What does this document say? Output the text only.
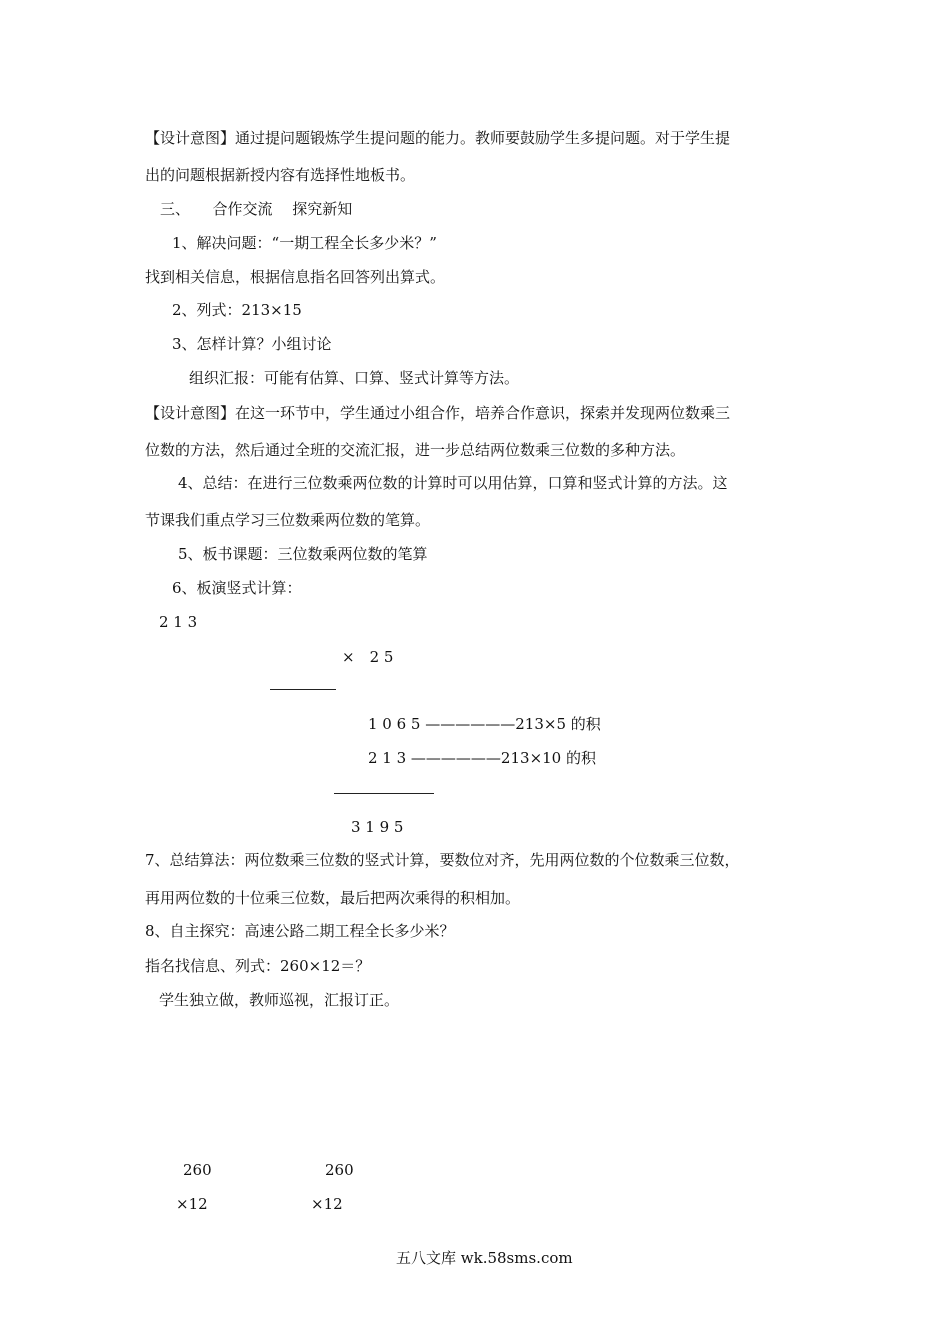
【设计意图】通过提问题锻炼学生提问题的能力。教师要鼓励学生多提问题。对于学生提
出的问题根据新授内容有选择性地板书。
三、　　合作交流　 探究新知
1、解决问题：“一期工程全长多少米？”
找到相关信息，根据信息指名回答列出算式。
2、列式：213×15
3、怎样计算？小组讨论
组织汇报：可能有估算、口算、竖式计算等方法。
【设计意图】在这一环节中，学生通过小组合作，培养合作意识，探索并发现两位数乘三
位数的方法，然后通过全班的交流汇报，进一步总结两位数乘三位数的多种方法。
4、总结：在进行三位数乘两位数的计算时可以用估算，口算和竖式计算的方法。这
节课我们重点学习三位数乘两位数的笔算。
5、板书课题：三位数乘两位数的笔算
6、板演竖式计算：
2 1 3
×　2 5
1 0 6 5 ——————213×5 的积
2 1 3 ——————213×10 的积
3 1 9 5
7、总结算法：两位数乘三位数的竖式计算，要数位对齐，先用两位数的个位数乘三位数，
再用两位数的十位乘三位数，最后把两次乘得的积相加。
8、自主探究：高速公路二期工程全长多少米？
指名找信息、列式：260×12＝？
学生独立做，教师巡视，汇报订正。
260
×12
260
×12
五八文库 wk.58sms.com
